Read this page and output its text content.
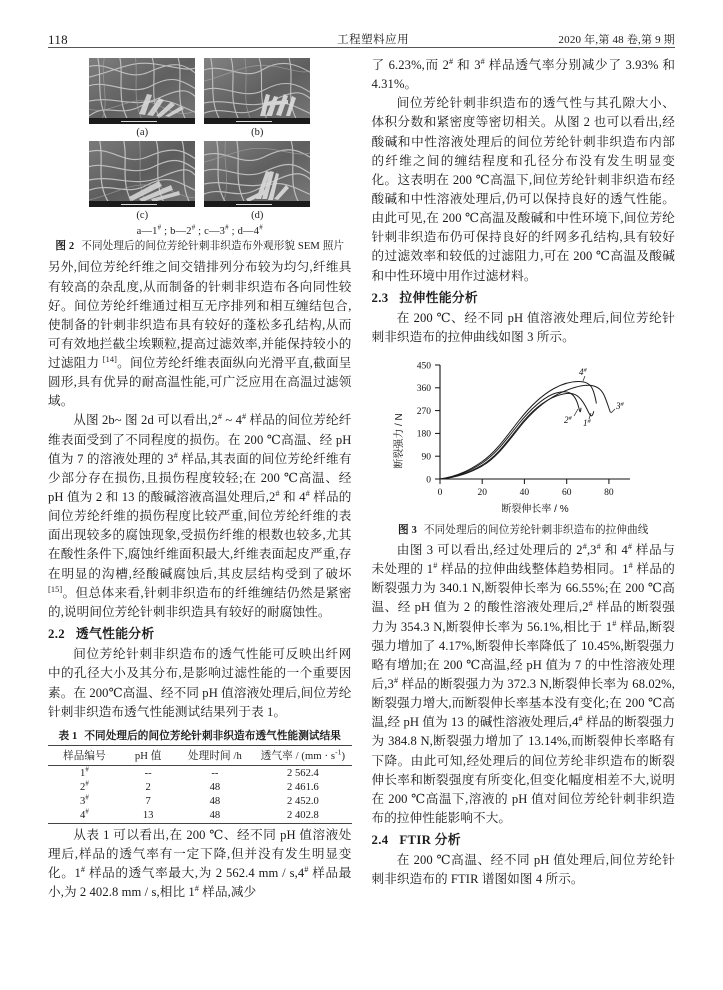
118	工程塑料应用	2020 年,第 48 卷,第 9 期
(a)	(b)
(c)	(d)
a—1# ; b—2# ; c—3# ; d—4#
图 2 不同处理后的间位芳纶针刺非织造布外观形貌 SEM 照片

另外,间位芳纶纤维之间交错排列分布较为均匀,纤维具有较高的杂乱度,从而制备的针刺非织造布各向同性较好。间位芳纶纤维通过相互无序排列和相互缠结包合,使制备的针刺非织造布具有较好的蓬松多孔结构,从而可有效地拦截尘埃颗粒,提高过滤效率,并能保持较小的过滤阻力 [14]。间位芳纶纤维表面纵向光滑平直,截面呈圆形,具有优异的耐高温性能,可广泛应用在高温过滤领域。

从图 2b~ 图 2d 可以看出,2# ~ 4# 样品的间位芳纶纤维表面受到了不同程度的损伤。在 200 ℃高温、经 pH 值为 7 的溶液处理的 3# 样品,其表面的间位芳纶纤维有少部分存在损伤,且损伤程度较轻;在 200 ℃高温、经 pH 值为 2 和 13 的酸碱溶液高温处理后,2# 和 4# 样品的间位芳纶纤维的损伤程度比较严重,间位芳纶纤维的表面出现较多的腐蚀现象,受损伤纤维的根数也较多,尤其在酸性条件下,腐蚀纤维面积最大,纤维表面起皮严重,存在明显的沟槽,经酸碱腐蚀后,其皮层结构受到了破坏 [15]。但总体来看,针刺非织造布的纤维缠结仍然是紧密的,说明间位芳纶针刺非织造具有较好的耐腐蚀性。

2.2 透气性能分析

间位芳纶针刺非织造布的透气性能可反映出纤网中的孔径大小及其分布,是影响过滤性能的一个重要因素。在 200℃高温、经不同 pH 值溶液处理后,间位芳纶针刺非织造布透气性能测试结果列于表 1。

表 1 不同处理后的间位芳纶针刺非织造布透气性能测试结果
样品编号	pH 值	处理时间 /h	透气率 / $(mm \cdot s^{-1})$
1#	--	--	2 562.4
2#	2	48	2 461.6
3#	7	48	2 452.0
4#	13	48	2 402.8

从表 1 可以看出,在 200 ℃、经不同 pH 值溶液处理后,样品的透气率有一定下降,但并没有发生明显变化。1# 样品的透气率最大,为 2 562.4 mm / s,4# 样品最小,为 2 402.8 mm / s,相比 1# 样品,减少

了 6.23%,而 2# 和 3# 样品透气率分别减少了 3.93% 和 4.31%。

间位芳纶针刺非织造布的透气性与其孔隙大小、体积分数和紧密度等密切相关。从图 2 也可以看出,经酸碱和中性溶液处理后的间位芳纶针刺非织造布内部的纤维之间的缠结程度和孔径分布没有发生明显变化。这表明在 200 ℃高温下,间位芳纶针刺非织造布经酸碱和中性溶液处理后,仍可以保持良好的透气性能。由此可见,在 200 ℃高温及酸碱和中性环境下,间位芳纶针刺非织造布仍可保持良好的纤网多孔结构,具有较好的过滤效率和较低的过滤阻力,可在 200 ℃高温及酸碱和中性环境中用作过滤材料。

2.3 拉伸性能分析

在 200 ℃、经不同 pH 值溶液处理后,间位芳纶针刺非织造布的拉伸曲线如图 3 所示。

0
90
180
270
360
450
0	20	40	60	80
断裂强力 / N
断裂伸长率 / %
1#
2#
3#
4#
图 3 不同处理后的间位芳纶针刺非织造布的拉伸曲线

由图 3 可以看出,经过处理后的 2#,3# 和 4# 样品与未处理的 1# 样品的拉伸曲线整体趋势相同。1# 样品的断裂强力为 340.1 N,断裂伸长率为 66.55%;在 200 ℃高温、经 pH 值为 2 的酸性溶液处理后,2# 样品的断裂强力为 354.3 N,断裂伸长率为 56.1%,相比于 1# 样品,断裂强力增加了 4.17%,断裂伸长率降低了 10.45%,断裂强力略有增加;在 200 ℃高温,经 pH 值为 7 的中性溶液处理后,3# 样品的断裂强力为 372.3 N,断裂伸长率为 68.02%,断裂强力增大,而断裂伸长率基本没有变化;在 200 ℃高温,经 pH 值为 13 的碱性溶液处理后,4# 样品的断裂强力为 384.8 N,断裂强力增加了 13.14%,而断裂伸长率略有下降。由此可知,经处理后的间位芳纶非织造布的断裂伸长率和断裂强度有所变化,但变化幅度相差不大,说明在 200 ℃高温下,溶液的 pH 值对间位芳纶针刺非织造布的拉伸性能影响不大。

2.4 FTIR 分析

在 200 ℃高温、经不同 pH 值处理后,间位芳纶针刺非织造布的 FTIR 谱图如图 4 所示。
